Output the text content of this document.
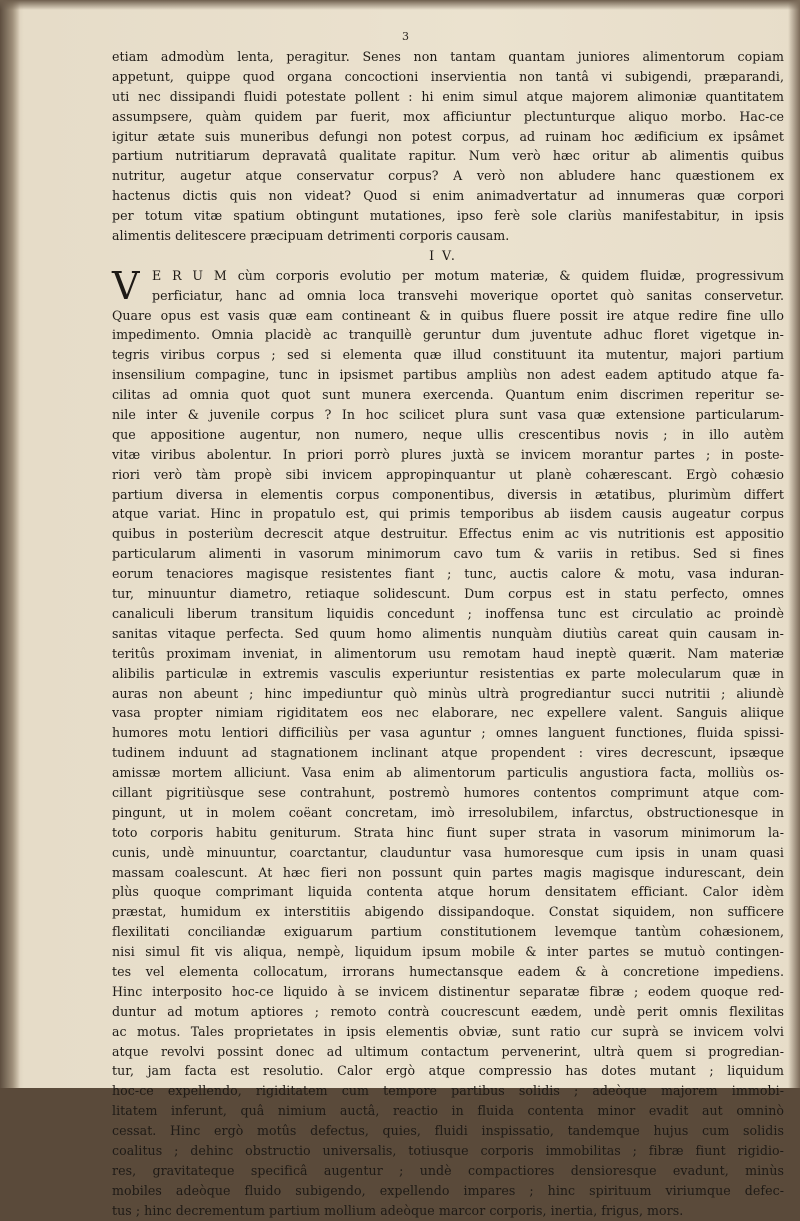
3
etiam admodùm lenta, peragitur. Senes non tantam quantam juniores alimentorum copiam
appetunt, quippe quod organa concoctioni inservientia non tantâ vi subigendi, præparandi,
uti nec dissipandi fluidi potestate pollent : hi enim simul atque majorem alimoniæ quantitatem
assumpsere, quàm quidem par fuerit, mox afficiuntur plectunturque aliquo morbo. Hac-ce
igitur ætate suis muneribus defungi non potest corpus, ad ruinam hoc ædificium ex ipsâmet
partium nutritiarum depravatâ qualitate rapitur. Num verò hæc oritur ab alimentis quibus
nutritur, augetur atque conservatur corpus? A verò non abludere hanc quæstionem ex
hactenus dictis quis non videat? Quod si enim animadvertatur ad innumeras quæ corpori
per totum vitæ spatium obtingunt mutationes, ipso ferè sole clariùs manifestabitur, in ipsis
alimentis delitescere præcipuam detrimenti corporis causam.
I V.
V E R U M cùm corporis evolutio per motum materiæ, & quidem fluidæ, progressivum
perficiatur, hanc ad omnia loca transvehi moverique oportet quò sanitas conservetur.
Quare opus est vasis quæ eam contineant & in quibus fluere possit ire atque redire fine ullo
impedimento. Omnia placidè ac tranquillè geruntur dum juventute adhuc floret vigetque in-
tegris viribus corpus ; sed si elementa quæ illud constituunt ita mutentur, majori partium
insensilium compagine, tunc in ipsismet partibus ampliùs non adest eadem aptitudo atque fa-
cilitas ad omnia quot quot sunt munera exercenda. Quantum enim discrimen reperitur se-
nile inter & juvenile corpus ? In hoc scilicet plura sunt vasa quæ extensione particularum-
que appositione augentur, non numero, neque ullis crescentibus novis ; in illo autèm
vitæ viribus abolentur. In priori porrò plures juxtà se invicem morantur partes ; in poste-
riori verò tàm propè sibi invicem appropinquantur ut planè cohærescant. Ergò cohæsio
partium diversa in elementis corpus componentibus, diversis in ætatibus, plurimùm differt
atque variat. Hinc in propatulo est, qui primis temporibus ab iisdem causis augeatur corpus
quibus in posteriùm decrescit atque destruitur. Effectus enim ac vis nutritionis est appositio
particularum alimenti in vasorum minimorum cavo tum & variis in retibus. Sed si fines
eorum tenaciores magisque resistentes fiant ; tunc, auctis calore & motu, vasa induran-
tur, minuuntur diametro, retiaque solidescunt. Dum corpus est in statu perfecto, omnes
canaliculi liberum transitum liquidis concedunt ; inoffensa tunc est circulatio ac proindè
sanitas vitaque perfecta. Sed quum homo alimentis nunquàm diutiùs careat quin causam in-
teritûs proximam inveniat, in alimentorum usu remotam haud ineptè quærit. Nam materiæ
alibilis particulæ in extremis vasculis experiuntur resistentias ex parte molecularum quæ in
auras non abeunt ; hinc impediuntur quò minùs ultrà progrediantur succi nutritii ; aliundè
vasa propter nimiam rigiditatem eos nec elaborare, nec expellere valent. Sanguis aliique
humores motu lentiori difficiliùs per vasa aguntur ; omnes languent functiones, fluida spissi-
tudinem induunt ad stagnationem inclinant atque propendent : vires decrescunt, ipsæque
amissæ mortem alliciunt. Vasa enim ab alimentorum particulis angustiora facta, molliùs os-
cillant pigritiùsque sese contrahunt, postremò humores contentos comprimunt atque com-
pingunt, ut in molem coëant concretam, imò irresolubilem, infarctus, obstructionesque in
toto corporis habitu geniturum. Strata hinc fiunt super strata in vasorum minimorum la-
cunis, undè minuuntur, coarctantur, clauduntur vasa humoresque cum ipsis in unam quasi
massam coalescunt. At hæc fieri non possunt quin partes magis magisque indurescant, dein
plùs quoque comprimant liquida contenta atque horum densitatem efficiant. Calor idèm
præstat, humidum ex interstitiis abigendo dissipandoque. Constat siquidem, non sufficere
flexilitati conciliandæ exiguarum partium constitutionem levemque tantùm cohæsionem,
nisi simul fit vis aliqua, nempè, liquidum ipsum mobile & inter partes se mutuò contingen-
tes vel elementa collocatum, irrorans humectansque eadem & à concretione impediens.
Hinc interposito hoc-ce liquido à se invicem distinentur separatæ fibræ ; eodem quoque red-
duntur ad motum aptiores ; remoto contrà coucrescunt eædem, undè perit omnis flexilitas
ac motus. Tales proprietates in ipsis elementis obviæ, sunt ratio cur suprà se invicem volvi
atque revolvi possint donec ad ultimum contactum pervenerint, ultrà quem si progredian-
tur, jam facta est resolutio. Calor ergò atque compressio has dotes mutant ; liquidum
hoc-ce expellendo, rigiditatem cum tempore partibus solidis ; adeòque majorem immobi-
litatem inferunt, quâ nimium auctâ, reactio in fluida contenta minor evadit aut omninò
cessat. Hinc ergò motûs defectus, quies, fluidi inspissatio, tandemque hujus cum solidis
coalitus ; dehinc obstructio universalis, totiusque corporis immobilitas ; fibræ fiunt rigidio-
res, gravitateque specificâ augentur ; undè compactiores densioresque evadunt, minùs
mobiles adeòque fluido subigendo, expellendo impares ; hinc spirituum viriumque defec-
tus ; hinc decrementum partium mollium adeòque marcor corporis, inertia, frigus, mors.
